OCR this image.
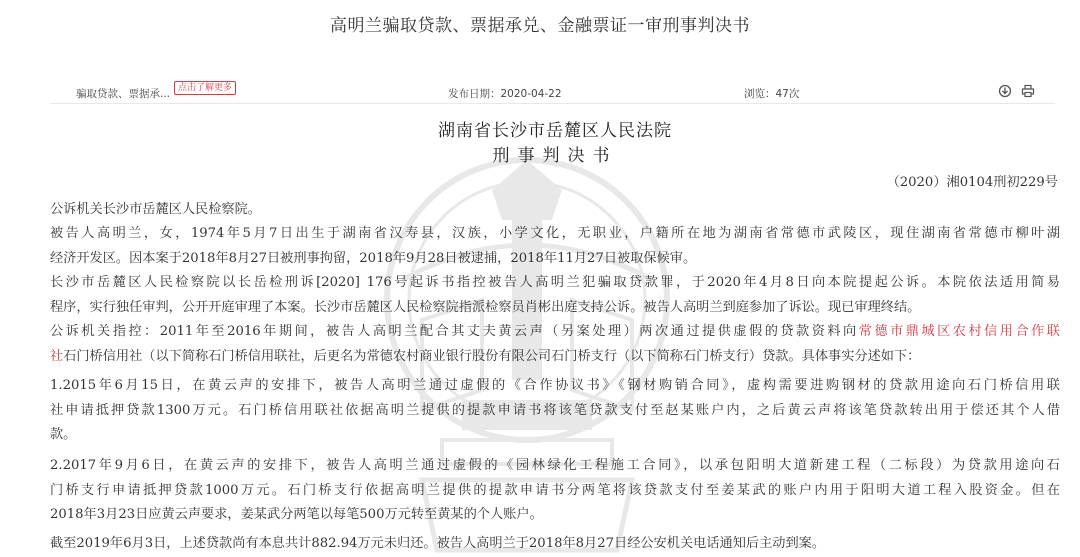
高明兰骗取贷款、票据承兑、金融票证一审刑事判决书
骗取贷款、票据承... 点击了解更多	发布日期：2020-04-22	浏览：47次

湖南省长沙市岳麓区人民法院
刑事判决书
（2020）湘0104刑初229号
公诉机关长沙市岳麓区人民检察院。
被告人高明兰，女，1974年5月7日出生于湖南省汉寿县，汉族，小学文化，无职业，户籍所在地为湖南省常德市武陵区，现住湖南省常德市柳叶湖
经济开发区。因本案于2018年8月27日被刑事拘留，2018年9月28日被逮捕，2018年11月27日被取保候审。
长沙市岳麓区人民检察院以长岳检刑诉[2020] 176号起诉书指控被告人高明兰犯骗取贷款罪，于2020年4月8日向本院提起公诉。本院依法适用简易
程序，实行独任审判，公开开庭审理了本案。长沙市岳麓区人民检察院指派检察员肖彬出庭支持公诉。被告人高明兰到庭参加了诉讼。现已审理终结。
公诉机关指控：2011年至2016年期间，被告人高明兰配合其丈夫黄云声（另案处理）两次通过提供虚假的贷款资料向常德市鼎城区农村信用合作联
社石门桥信用社（以下简称石门桥信用联社，后更名为常德农村商业银行股份有限公司石门桥支行（以下简称石门桥支行）贷款。具体事实分述如下：
1.2015年6月15日，在黄云声的安排下，被告人高明兰通过虚假的《合作协议书》《钢材购销合同》，虚构需要进购钢材的贷款用途向石门桥信用联
社申请抵押贷款1300万元。石门桥信用联社依据高明兰提供的提款申请书将该笔贷款支付至赵某账户内，之后黄云声将该笔贷款转出用于偿还其个人借
款。
2.2017年9月6日，在黄云声的安排下，被告人高明兰通过虚假的《园林绿化工程施工合同》，以承包阳明大道新建工程（二标段）为贷款用途向石
门桥支行申请抵押贷款1000万元。石门桥支行依据高明兰提供的提款申请书分两笔将该贷款支付至姜某武的账户内用于阳明大道工程入股资金。但在
2018年3月23日应黄云声要求，姜某武分两笔以每笔500万元转至黄某的个人账户。
截至2019年6月3日，上述贷款尚有本息共计882.94万元未归还。被告人高明兰于2018年8月27日经公安机关电话通知后主动到案。
